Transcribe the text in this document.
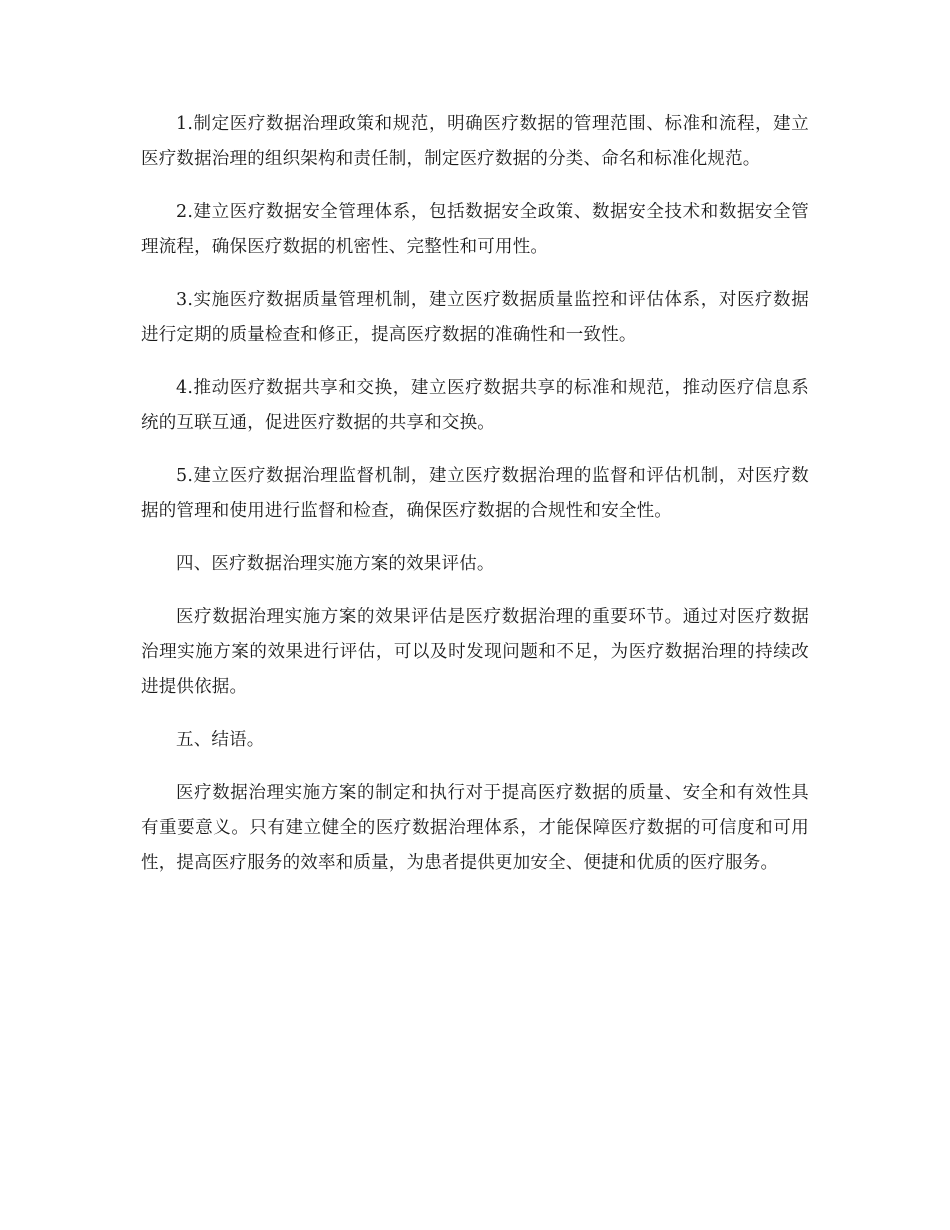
1.制定医疗数据治理政策和规范，明确医疗数据的管理范围、标准和流程，建立医疗数据治理的组织架构和责任制，制定医疗数据的分类、命名和标准化规范。

2.建立医疗数据安全管理体系，包括数据安全政策、数据安全技术和数据安全管理流程，确保医疗数据的机密性、完整性和可用性。

3.实施医疗数据质量管理机制，建立医疗数据质量监控和评估体系，对医疗数据进行定期的质量检查和修正，提高医疗数据的准确性和一致性。

4.推动医疗数据共享和交换，建立医疗数据共享的标准和规范，推动医疗信息系统的互联互通，促进医疗数据的共享和交换。

5.建立医疗数据治理监督机制，建立医疗数据治理的监督和评估机制，对医疗数据的管理和使用进行监督和检查，确保医疗数据的合规性和安全性。

四、医疗数据治理实施方案的效果评估。

医疗数据治理实施方案的效果评估是医疗数据治理的重要环节。通过对医疗数据治理实施方案的效果进行评估，可以及时发现问题和不足，为医疗数据治理的持续改进提供依据。

五、结语。

医疗数据治理实施方案的制定和执行对于提高医疗数据的质量、安全和有效性具有重要意义。只有建立健全的医疗数据治理体系，才能保障医疗数据的可信度和可用性，提高医疗服务的效率和质量，为患者提供更加安全、便捷和优质的医疗服务。
